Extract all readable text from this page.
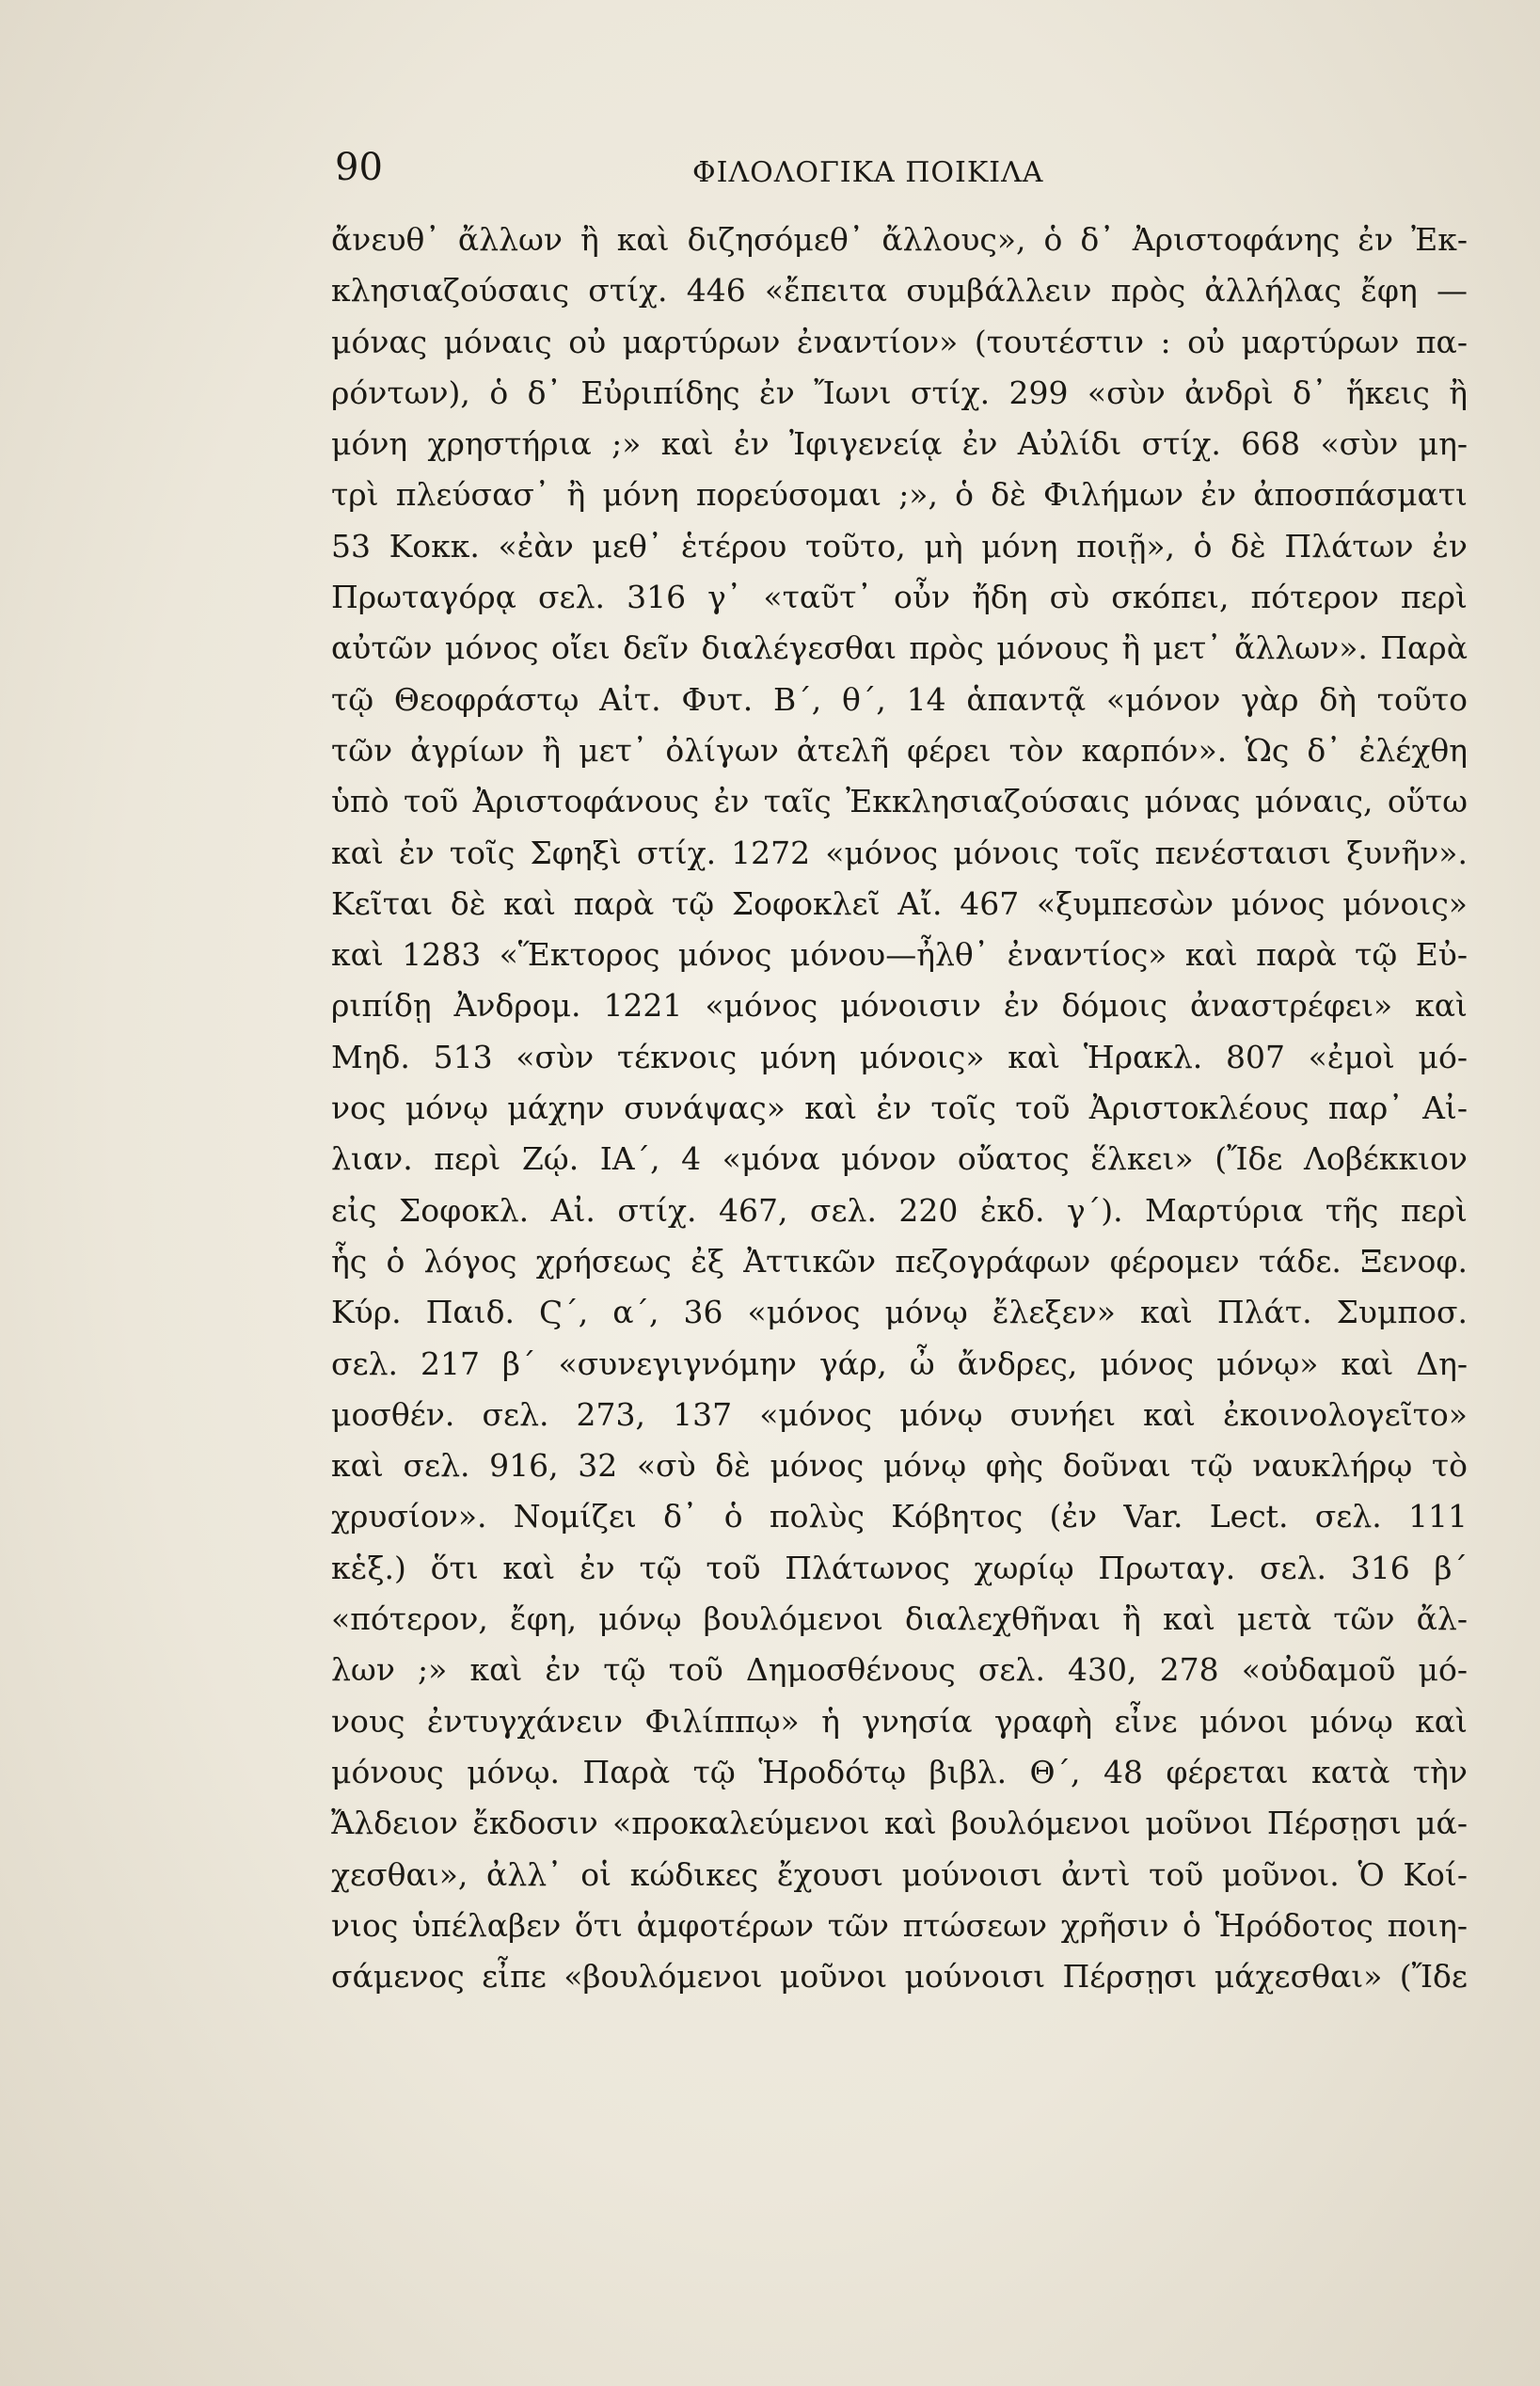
90	ΦΙΛΟΛΟΓΙΚΑ ΠΟΙΚΙΛΑ
ἄνευθ᾽ ἄλλων ἢ καὶ διζησόμεθ᾽ ἄλλους», ὁ δ᾽ Ἀριστοφάνης ἐν Ἐκ-
κλησιαζούσαις στίχ. 446 «ἔπειτα συμβάλλειν πρὸς ἀλλήλας ἔφη —
μόνας μόναις οὐ μαρτύρων ἐναντίον» (τουτέστιν : οὐ μαρτύρων πα-
ρόντων), ὁ δ᾽ Εὐριπίδης ἐν Ἴωνι στίχ. 299 «σὺν ἀνδρὶ δ᾽ ἥκεις ἢ
μόνη χρηστήρια ;» καὶ ἐν Ἰφιγενείᾳ ἐν Αὐλίδι στίχ. 668 «σὺν μη-
τρὶ πλεύσασ᾽ ἢ μόνη πορεύσομαι ;», ὁ δὲ Φιλήμων ἐν ἀποσπάσματι
53 Κοκκ. «ἐὰν μεθ᾽ ἑτέρου τοῦτο, μὴ μόνη ποιῇ», ὁ δὲ Πλάτων ἐν
Πρωταγόρᾳ σελ. 316 γ᾽ «ταῦτ᾽ οὖν ἤδη σὺ σκόπει, πότερον περὶ
αὐτῶν μόνος οἴει δεῖν διαλέγεσθαι πρὸς μόνους ἢ μετ᾽ ἄλλων». Παρὰ
τῷ Θεοφράστῳ Αἰτ. Φυτ. Β΄, θ΄, 14 ἁπαντᾷ «μόνον γὰρ δὴ τοῦτο
τῶν ἀγρίων ἢ μετ᾽ ὀλίγων ἀτελῆ φέρει τὸν καρπόν». Ὡς δ᾽ ἐλέχθη
ὑπὸ τοῦ Ἀριστοφάνους ἐν ταῖς Ἐκκλησιαζούσαις μόνας μόναις, οὕτω
καὶ ἐν τοῖς Σφηξὶ στίχ. 1272 «μόνος μόνοις τοῖς πενέσταισι ξυνῆν».
Κεῖται δὲ καὶ παρὰ τῷ Σοφοκλεῖ Αἴ. 467 «ξυμπεσὼν μόνος μόνοις»
καὶ 1283 «Ἕκτορος μόνος μόνου—ἦλθ᾽ ἐναντίος» καὶ παρὰ τῷ Εὐ-
ριπίδῃ Ἀνδρομ. 1221 «μόνος μόνοισιν ἐν δόμοις ἀναστρέφει» καὶ
Μηδ. 513 «σὺν τέκνοις μόνη μόνοις» καὶ Ἡρακλ. 807 «ἐμοὶ μό-
νος μόνῳ μάχην συνάψας» καὶ ἐν τοῖς τοῦ Ἀριστοκλέους παρ᾽ Αἰ-
λιαν. περὶ Ζῴ. ΙΑ΄, 4 «μόνα μόνον οὔατος ἕλκει» (Ἴδε Λοβέκκιον
εἰς Σοφοκλ. Αἰ. στίχ. 467, σελ. 220 ἐκδ. γ΄). Μαρτύρια τῆς περὶ
ἧς ὁ λόγος χρήσεως ἐξ Ἀττικῶν πεζογράφων φέρομεν τάδε. Ξενοφ.
Κύρ. Παιδ. Ϛ΄, α΄, 36 «μόνος μόνῳ ἔλεξεν» καὶ Πλάτ. Συμποσ.
σελ. 217 β΄ «συνεγιγνόμην γάρ, ὦ ἄνδρες, μόνος μόνῳ» καὶ Δη-
μοσθέν. σελ. 273, 137 «μόνος μόνῳ συνήει καὶ ἐκοινολογεῖτο»
καὶ σελ. 916, 32 «σὺ δὲ μόνος μόνῳ φὴς δοῦναι τῷ ναυκλήρῳ τὸ
χρυσίον». Νομίζει δ᾽ ὁ πολὺς Κόβητος (ἐν Var. Lect. σελ. 111
κἑξ.) ὅτι καὶ ἐν τῷ τοῦ Πλάτωνος χωρίῳ Πρωταγ. σελ. 316 β΄
«πότερον, ἔφη, μόνῳ βουλόμενοι διαλεχθῆναι ἢ καὶ μετὰ τῶν ἄλ-
λων ;» καὶ ἐν τῷ τοῦ Δημοσθένους σελ. 430, 278 «οὐδαμοῦ μό-
νους ἐντυγχάνειν Φιλίππῳ» ἡ γνησία γραφὴ εἶνε μόνοι μόνῳ καὶ
μόνους μόνῳ. Παρὰ τῷ Ἡροδότῳ βιβλ. Θ΄, 48 φέρεται κατὰ τὴν
Ἄλδειον ἔκδοσιν «προκαλεύμενοι καὶ βουλόμενοι μοῦνοι Πέρσῃσι μά-
χεσθαι», ἀλλ᾽ οἱ κώδικες ἔχουσι μούνοισι ἀντὶ τοῦ μοῦνοι. Ὁ Κοί-
νιος ὑπέλαβεν ὅτι ἀμφοτέρων τῶν πτώσεων χρῆσιν ὁ Ἡρόδοτος ποιη-
σάμενος εἶπε «βουλόμενοι μοῦνοι μούνοισι Πέρσῃσι μάχεσθαι» (Ἴδε
